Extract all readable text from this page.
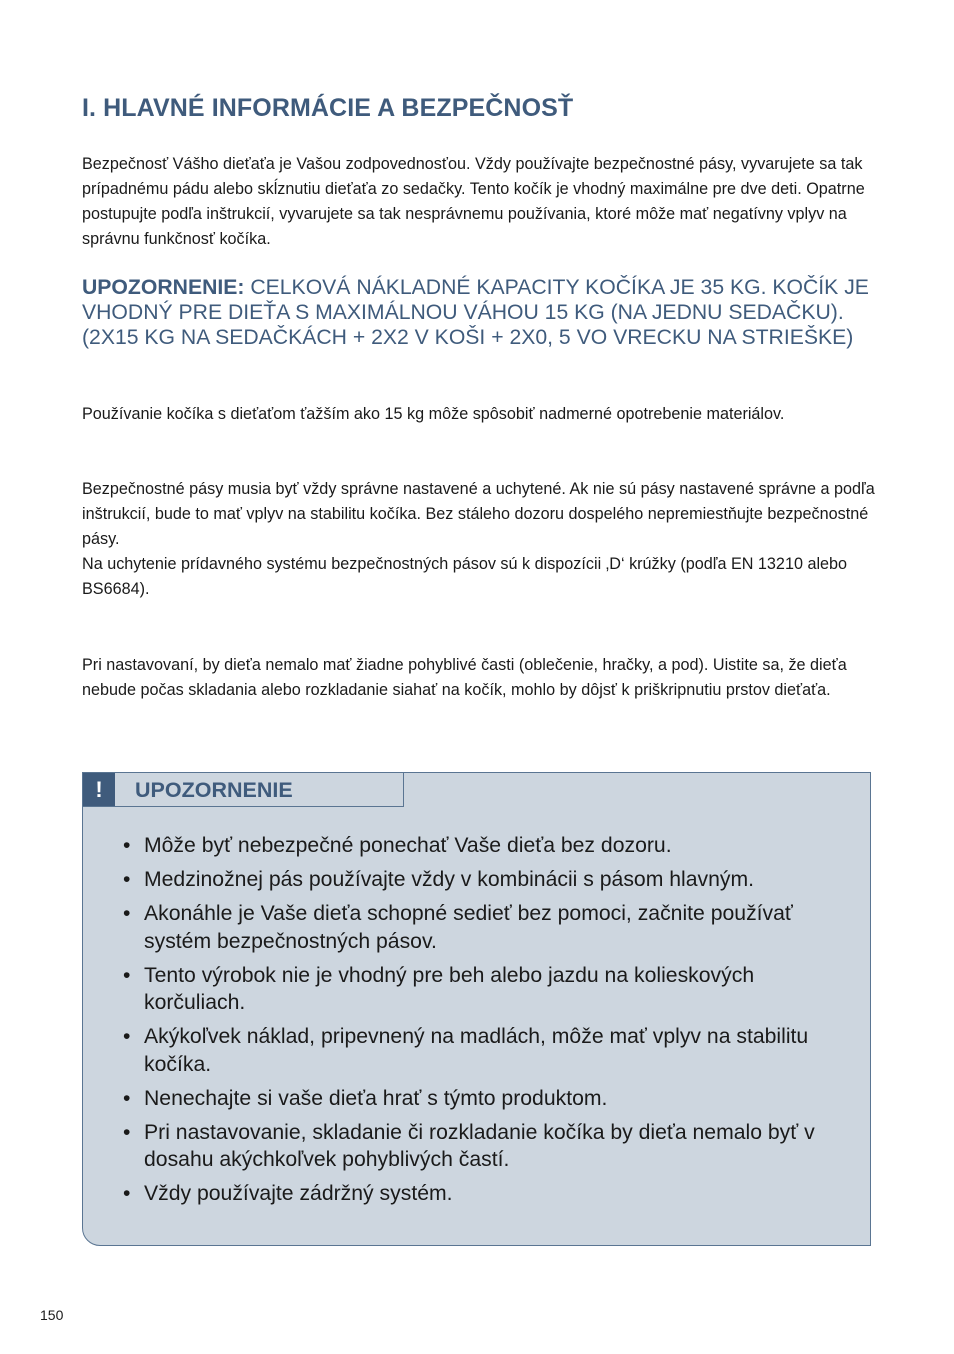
I. HLAVNÉ INFORMÁCIE A BEZPEČNOSŤ

Bezpečnosť Vášho dieťaťa je Vašou zodpovednosťou. Vždy používajte bezpečnostné pásy, vyvarujete sa tak prípadnému pádu alebo skĺznutiu dieťaťa zo sedačky. Tento kočík je vhodný maximálne pre dve deti. Opatrne postupujte podľa inštrukcií, vyvarujete sa tak nesprávnemu používania, ktoré môže mať negatívny vplyv na správnu funkčnosť kočíka.

UPOZORNENIE: CELKOVÁ NÁKLADNÉ KAPACITY KOČÍKA JE 35 KG. KOČÍK JE VHODNÝ PRE DIEŤA S MAXIMÁLNOU VÁHOU 15 KG (NA JEDNU SEDAČKU). (2X15 KG NA SEDAČKÁCH + 2X2 V KOŠI + 2X0, 5 VO VRECKU NA STRIEŠKE)

Používanie kočíka s dieťaťom ťažším ako 15 kg môže spôsobiť nadmerné opotrebenie materiálov.

Bezpečnostné pásy musia byť vždy správne nastavené a uchytené. Ak nie sú pásy nastavené správne a podľa inštrukcií, bude to mať vplyv na stabilitu kočíka. Bez stáleho dozoru dospelého nepremiestňujte bezpečnostné pásy.

Na uchytenie prídavného systému bezpečnostných pásov sú k dispozícii ‚D‘ krúžky (podľa EN 13210 alebo BS6684).

Pri nastavovaní, by dieťa nemalo mať žiadne pohyblivé časti (oblečenie, hračky, a pod). Uistite sa, že dieťa nebude počas skladania alebo rozkladanie siahať na kočík, mohlo by dôjsť k priškripnutiu prstov dieťaťa.

!	UPOZORNENIE
• Môže byť nebezpečné ponechať Vaše dieťa bez dozoru.
• Medzinožnej pás používajte vždy v kombinácii s pásom hlavným.
• Akonáhle je Vaše dieťa schopné sedieť bez pomoci, začnite používať systém bezpečnostných pásov.
• Tento výrobok nie je vhodný pre beh alebo jazdu na kolieskových korčuliach.
• Akýkoľvek náklad, pripevnený na madlách, môže mať vplyv na stabilitu kočíka.
• Nenechajte si vaše dieťa hrať s týmto produktom.
• Pri nastavovanie, skladanie či rozkladanie kočíka by dieťa nemalo byť v dosahu akýchkoľvek pohyblivých častí.
• Vždy používajte zádržný systém.
150
